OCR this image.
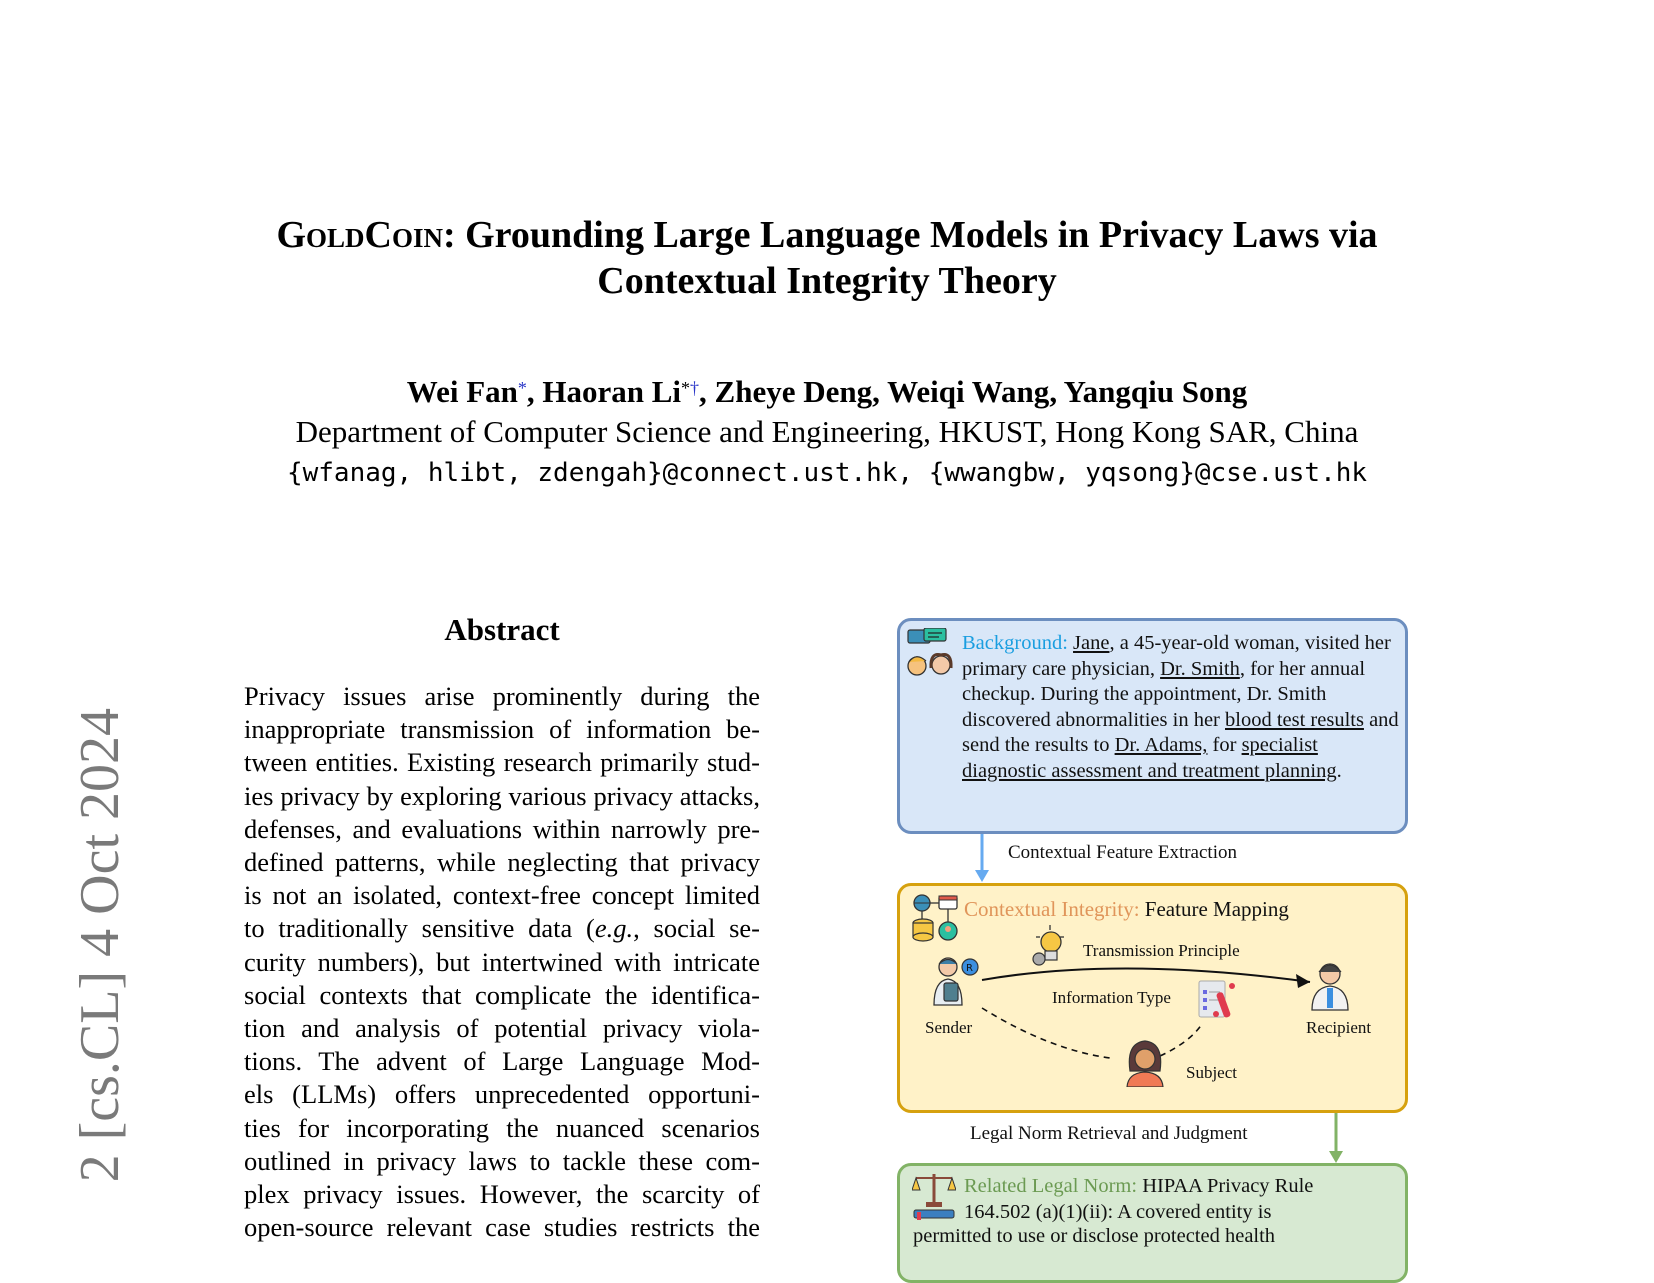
GoldCoin: Grounding Large Language Models in Privacy Laws via
Contextual Integrity Theory
Wei Fan*, Haoran Li*†, Zheye Deng, Weiqi Wang, Yangqiu Song
Department of Computer Science and Engineering, HKUST, Hong Kong SAR, China
{wfanag, hlibt, zdengah}@connect.ust.hk, {wwangbw, yqsong}@cse.ust.hk
2 [cs.CL] 4 Oct 2024
Abstract
Privacy issues arise prominently during the
inappropriate transmission of information be-
tween entities. Existing research primarily stud-
ies privacy by exploring various privacy attacks,
defenses, and evaluations within narrowly pre-
defined patterns, while neglecting that privacy
is not an isolated, context-free concept limited
to traditionally sensitive data (e.g., social se-
curity numbers), but intertwined with intricate
social contexts that complicate the identifica-
tion and analysis of potential privacy viola-
tions. The advent of Large Language Mod-
els (LLMs) offers unprecedented opportuni-
ties for incorporating the nuanced scenarios
outlined in privacy laws to tackle these com-
plex privacy issues. However, the scarcity of
open-source relevant case studies restricts the
Background: Jane, a 45-year-old woman, visited her primary care physician, Dr. Smith, for her annual checkup. During the appointment, Dr. Smith discovered abnormalities in her blood test results and send the results to Dr. Adams, for specialist diagnostic assessment and treatment planning.
Contextual Feature Extraction
Contextual Integrity: Feature Mapping
Transmission Principle
R
Sender
Information Type
Recipient
Subject
Legal Norm Retrieval and Judgment
Related Legal Norm: HIPAA Privacy Rule
164.502 (a)(1)(ii): A covered entity is
permitted to use or disclose protected health
